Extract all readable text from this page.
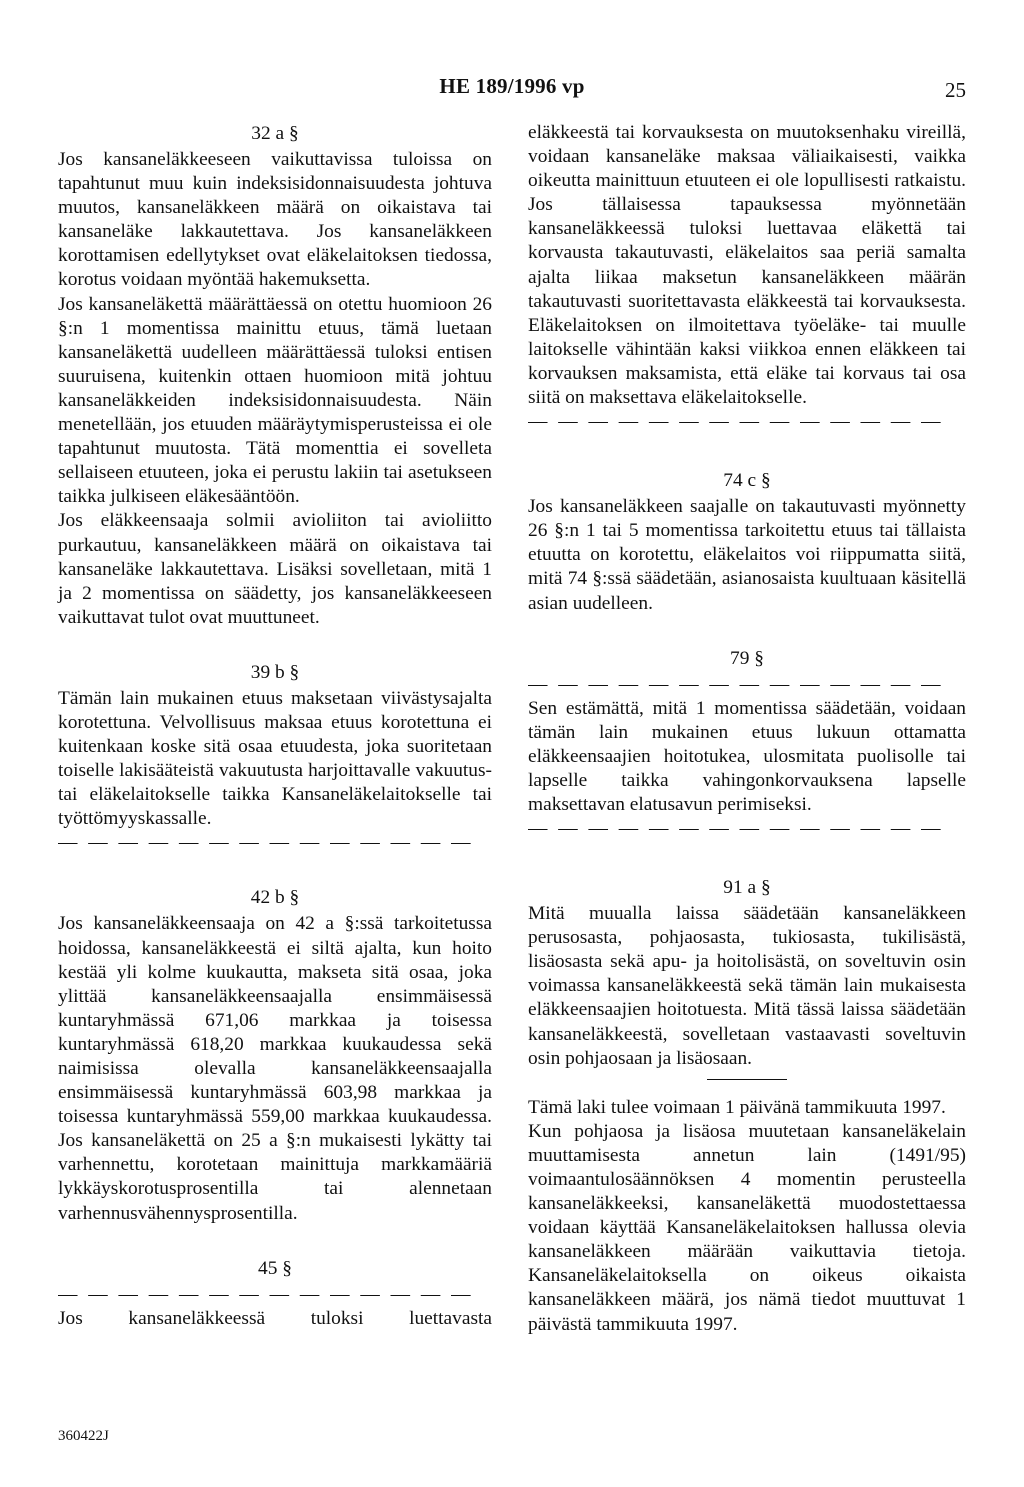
HE 189/1996 vp	25
32 a §

Jos kansaneläkkeeseen vaikuttavissa tuloissa on tapahtunut muu kuin indeksisidonnaisuudesta johtuva muutos, kansaneläkkeen määrä on oikaistava tai kansaneläke lakkautettava. Jos kansaneläkkeen korottamisen edellytykset ovat eläkelaitoksen tiedossa, korotus voidaan myöntää hakemuksetta.

Jos kansaneläkettä määrättäessä on otettu huomioon 26 §:n 1 momentissa mainittu etuus, tämä luetaan kansaneläkettä uudelleen määrättäessä tuloksi entisen suuruisena, kuitenkin ottaen huomioon mitä johtuu kansaneläkkeiden indeksisidonnaisuudesta. Näin menetellään, jos etuuden määräytymisperusteissa ei ole tapahtunut muutosta. Tätä momenttia ei sovelleta sellaiseen etuuteen, joka ei perustu lakiin tai asetukseen taikka julkiseen eläkesääntöön.

Jos eläkkeensaaja solmii avioliiton tai avioliitto purkautuu, kansaneläkkeen määrä on oikaistava tai kansaneläke lakkautettava. Lisäksi sovelletaan, mitä 1 ja 2 momentissa on säädetty, jos kansaneläkkeeseen vaikuttavat tulot ovat muuttuneet.

39 b §

Tämän lain mukainen etuus maksetaan viivästysajalta korotettuna. Velvollisuus maksaa etuus korotettuna ei kuitenkaan koske sitä osaa etuudesta, joka suoritetaan toiselle lakisääteistä vakuutusta harjoittavalle vakuutus- tai eläkelaitokselle taikka Kansaneläkelaitokselle tai työttömyyskassalle.

— — — — — — — — — — — — — —
42 b §

Jos kansaneläkkeensaaja on 42 a §:ssä tarkoitetussa hoidossa, kansaneläkkeestä ei siltä ajalta, kun hoito kestää yli kolme kuukautta, makseta sitä osaa, joka ylittää kansaneläkkeensaajalla ensimmäisessä kuntaryhmässä 671,06 markkaa ja toisessa kuntaryhmässä 618,20 markkaa kuukaudessa sekä naimisissa olevalla kansaneläkkeensaajalla ensimmäisessä kuntaryhmässä 603,98 markkaa ja toisessa kuntaryhmässä 559,00 markkaa kuukaudessa. Jos kansaneläkettä on 25 a §:n mukaisesti lykätty tai varhennettu, korotetaan mainittuja markkamääriä lykkäyskorotusprosentilla tai alennetaan varhennusvähennysprosentilla.

45 §
— — — — — — — — — — — — — —

Jos kansaneläkkeessä tuloksi luettavasta

eläkkeestä tai korvauksesta on muutoksenhaku vireillä, voidaan kansaneläke maksaa väliaikaisesti, vaikka oikeutta mainittuun etuuteen ei ole lopullisesti ratkaistu. Jos tällaisessa tapauksessa myönnetään kansaneläkkeessä tuloksi luettavaa eläkettä tai korvausta takautuvasti, eläkelaitos saa periä samalta ajalta liikaa maksetun kansaneläkkeen määrän takautuvasti suoritettavasta eläkkeestä tai korvauksesta. Eläkelaitoksen on ilmoitettava työeläke- tai muulle laitokselle vähintään kaksi viikkoa ennen eläkkeen tai korvauksen maksamista, että eläke tai korvaus tai osa siitä on maksettava eläkelaitokselle.

— — — — — — — — — — — — — —
74 c §

Jos kansaneläkkeen saajalle on takautuvasti myönnetty 26 §:n 1 tai 5 momentissa tarkoitettu etuus tai tällaista etuutta on korotettu, eläkelaitos voi riippumatta siitä, mitä 74 §:ssä säädetään, asianosaista kuultuaan käsitellä asian uudelleen.

79 §
— — — — — — — — — — — — — —

Sen estämättä, mitä 1 momentissa säädetään, voidaan tämän lain mukainen etuus lukuun ottamatta eläkkeensaajien hoitotukea, ulosmitata puolisolle tai lapselle taikka vahingonkorvauksena lapselle maksettavan elatusavun perimiseksi.

— — — — — — — — — — — — — —
91 a §

Mitä muualla laissa säädetään kansaneläkkeen perusosasta, pohjaosasta, tukiosasta, tukilisästä, lisäosasta sekä apu- ja hoitolisästä, on soveltuvin osin voimassa kansaneläkkeestä sekä tämän lain mukaisesta eläkkeensaajien hoitotuesta. Mitä tässä laissa säädetään kansaneläkkeestä, sovelletaan vastaavasti soveltuvin osin pohjaosaan ja lisäosaan.

Tämä laki tulee voimaan 1 päivänä tammikuuta 1997.

Kun pohjaosa ja lisäosa muutetaan kansaneläkelain muuttamisesta annetun lain (1491/95) voimaantulosäännöksen 4 momentin perusteella kansaneläkkeeksi, kansaneläkettä muodostettaessa voidaan käyttää Kansaneläkelaitoksen hallussa olevia kansaneläkkeen määrään vaikuttavia tietoja. Kansaneläkelaitoksella on oikeus oikaista kansaneläkkeen määrä, jos nämä tiedot muuttuvat 1 päivästä tammikuuta 1997.

360422J
